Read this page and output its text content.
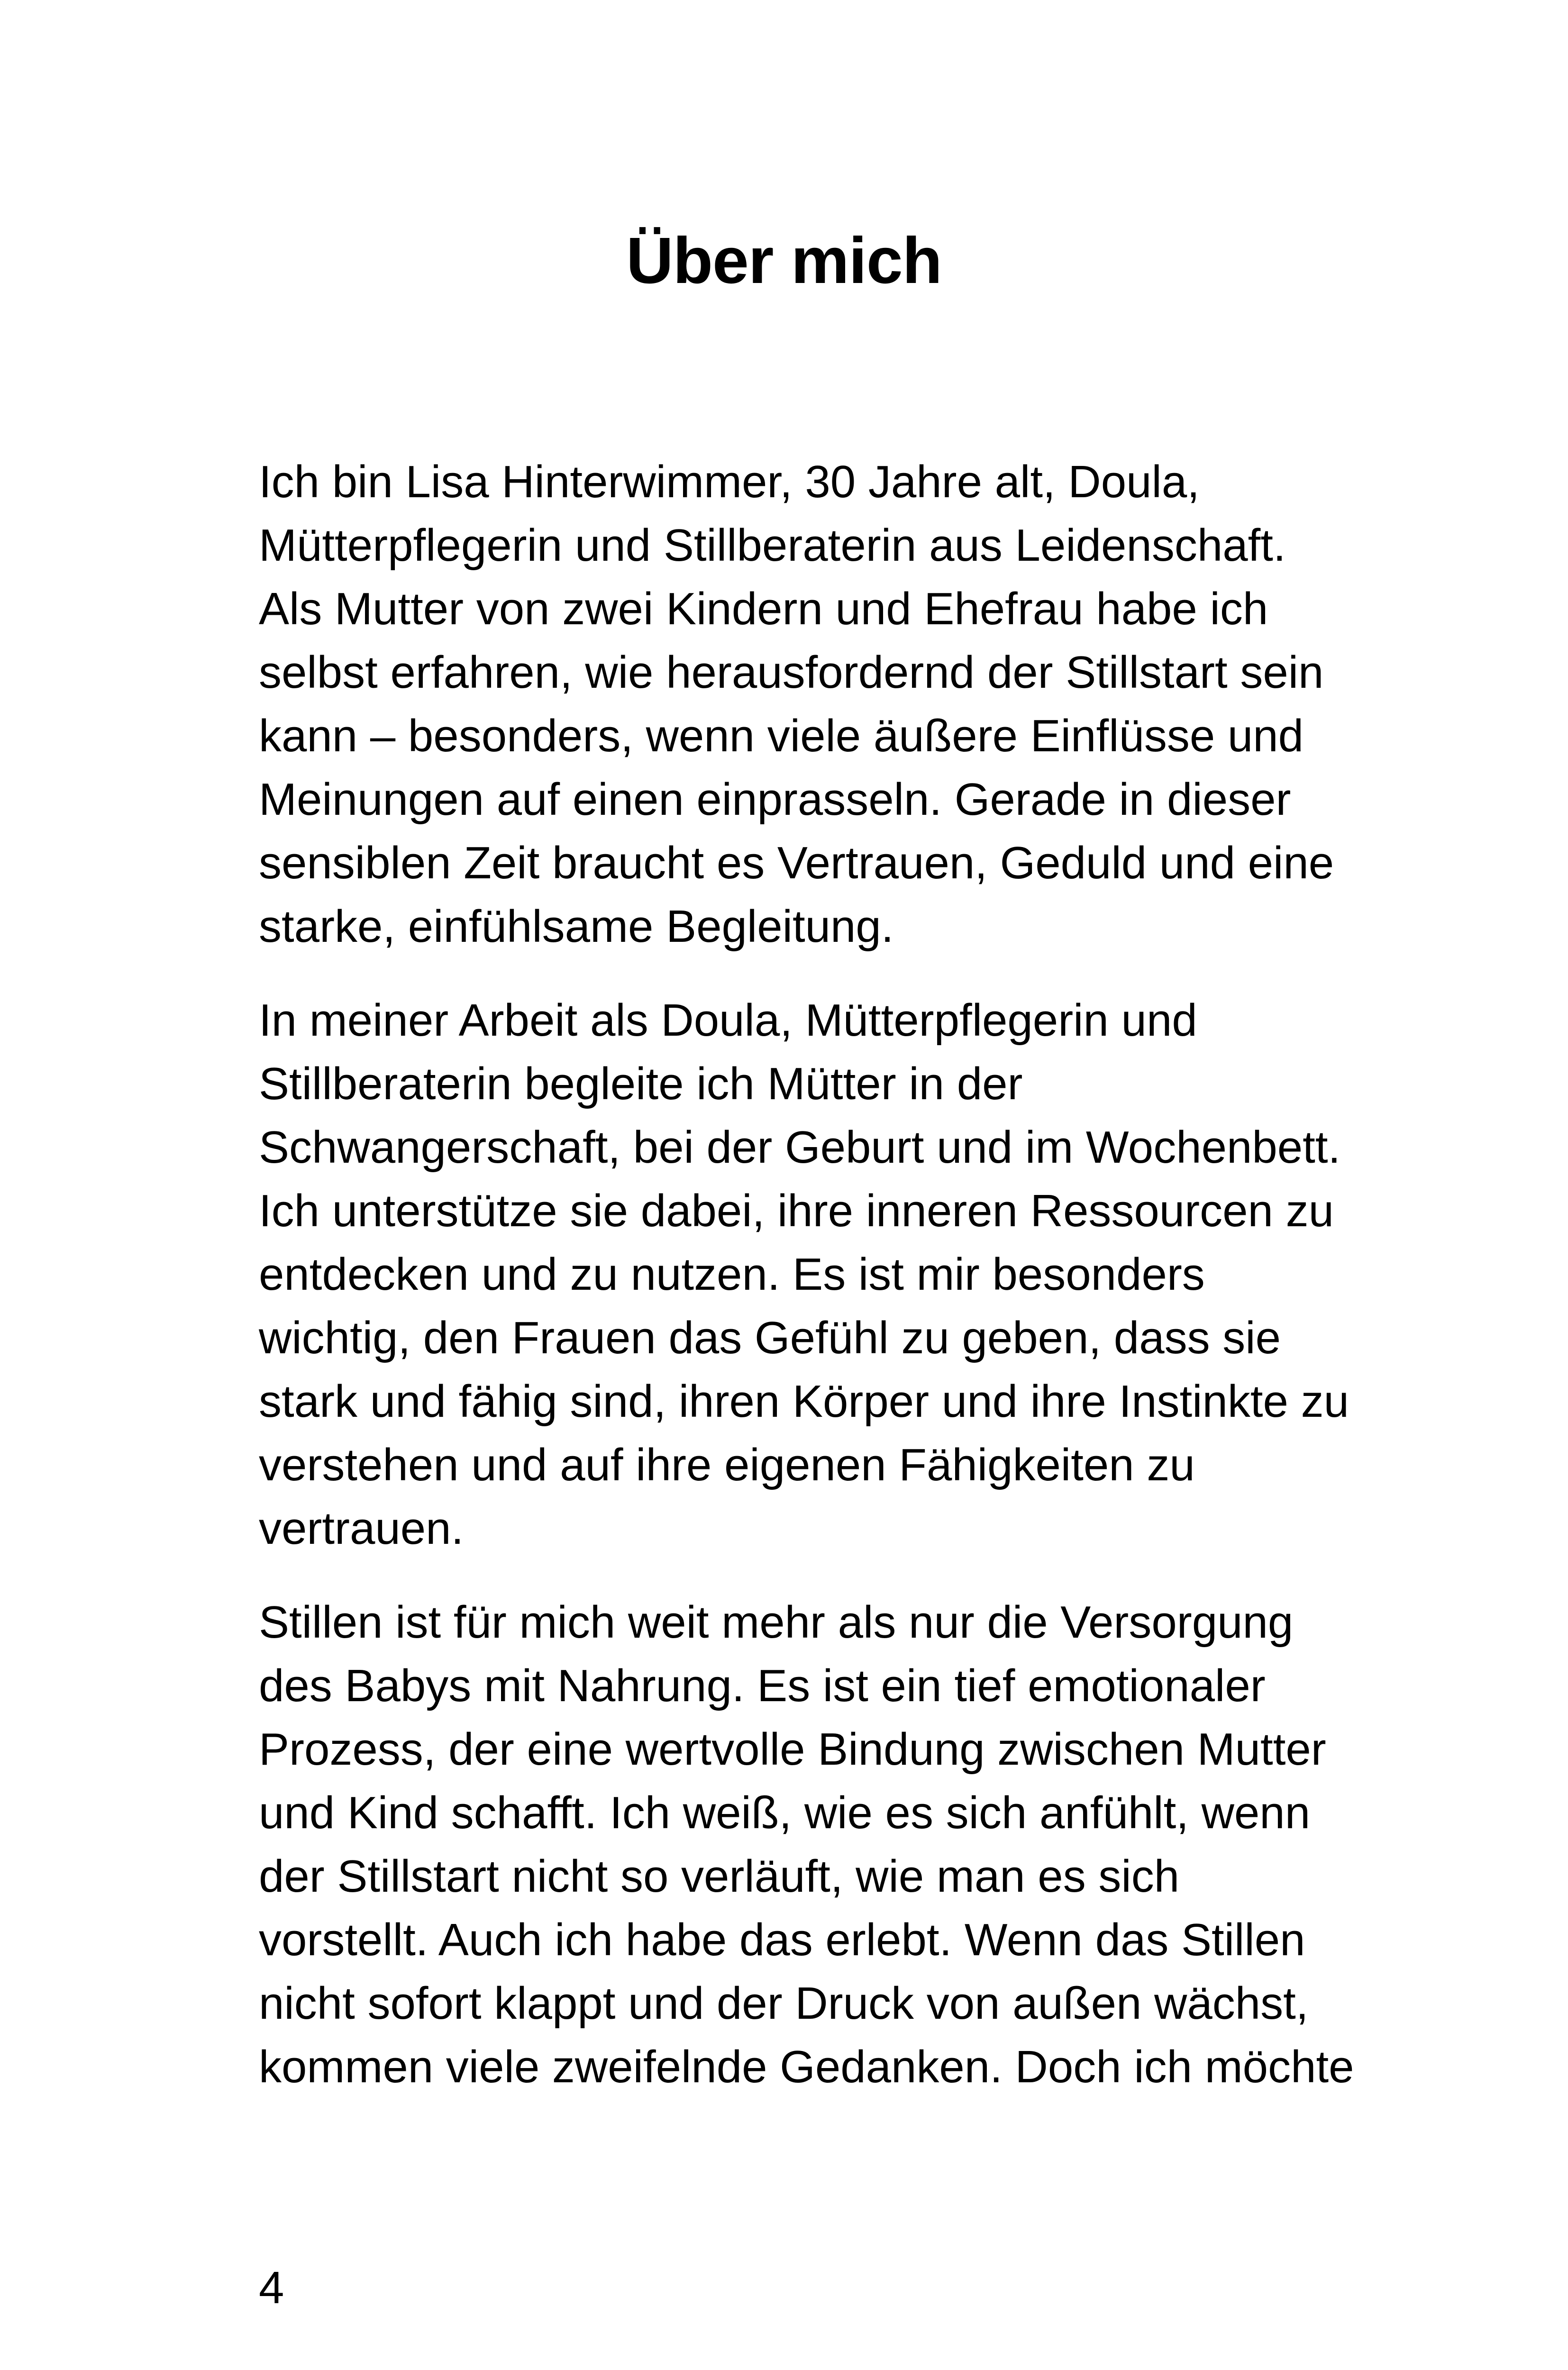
Über mich

Ich bin Lisa Hinterwimmer, 30 Jahre alt, Doula,
Mütterpflegerin und Stillberaterin aus Leidenschaft.
Als Mutter von zwei Kindern und Ehefrau habe ich
selbst erfahren, wie herausfordernd der Stillstart sein
kann – besonders, wenn viele äußere Einflüsse und
Meinungen auf einen einprasseln. Gerade in dieser
sensiblen Zeit braucht es Vertrauen, Geduld und eine
starke, einfühlsame Begleitung.

In meiner Arbeit als Doula, Mütterpflegerin und
Stillberaterin begleite ich Mütter in der
Schwangerschaft, bei der Geburt und im Wochenbett.
Ich unterstütze sie dabei, ihre inneren Ressourcen zu
entdecken und zu nutzen. Es ist mir besonders
wichtig, den Frauen das Gefühl zu geben, dass sie
stark und fähig sind, ihren Körper und ihre Instinkte zu
verstehen und auf ihre eigenen Fähigkeiten zu
vertrauen.

Stillen ist für mich weit mehr als nur die Versorgung
des Babys mit Nahrung. Es ist ein tief emotionaler
Prozess, der eine wertvolle Bindung zwischen Mutter
und Kind schafft. Ich weiß, wie es sich anfühlt, wenn
der Stillstart nicht so verläuft, wie man es sich
vorstellt. Auch ich habe das erlebt. Wenn das Stillen
nicht sofort klappt und der Druck von außen wächst,
kommen viele zweifelnde Gedanken. Doch ich möchte

4
